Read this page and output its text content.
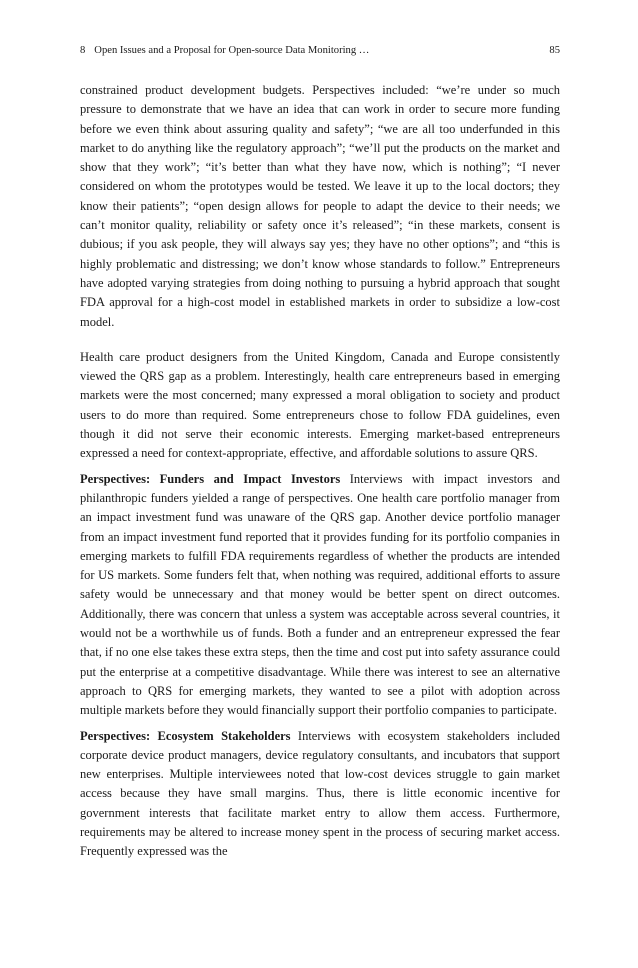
8 Open Issues and a Proposal for Open-source Data Monitoring …	85

constrained product development budgets. Perspectives included: “we’re under so much pressure to demonstrate that we have an idea that can work in order to secure more funding before we even think about assuring quality and safety”; “we are all too underfunded in this market to do anything like the regulatory approach”; “we’ll put the products on the market and show that they work”; “it’s better than what they have now, which is nothing”; “I never considered on whom the prototypes would be tested. We leave it up to the local doctors; they know their patients”; “open design allows for people to adapt the device to their needs; we can’t monitor quality, reliability or safety once it’s released”; “in these markets, consent is dubious; if you ask people, they will always say yes; they have no other options”; and “this is highly problematic and distressing; we don’t know whose standards to follow.” Entrepreneurs have adopted varying strategies from doing nothing to pursuing a hybrid approach that sought FDA approval for a high-cost model in established markets in order to subsidize a low-cost model.

Health care product designers from the United Kingdom, Canada and Europe consistently viewed the QRS gap as a problem. Interestingly, health care entrepreneurs based in emerging markets were the most concerned; many expressed a moral obligation to society and product users to do more than required. Some entrepreneurs chose to follow FDA guidelines, even though it did not serve their economic interests. Emerging market-based entrepreneurs expressed a need for context-appropriate, effective, and affordable solutions to assure QRS.

Perspectives: Funders and Impact Investors Interviews with impact investors and philanthropic funders yielded a range of perspectives. One health care portfolio manager from an impact investment fund was unaware of the QRS gap. Another device portfolio manager from an impact investment fund reported that it provides funding for its portfolio companies in emerging markets to fulfill FDA requirements regardless of whether the products are intended for US markets. Some funders felt that, when nothing was required, additional efforts to assure safety would be unnecessary and that money would be better spent on direct outcomes. Additionally, there was concern that unless a system was acceptable across several countries, it would not be a worthwhile us of funds. Both a funder and an entrepreneur expressed the fear that, if no one else takes these extra steps, then the time and cost put into safety assurance could put the enterprise at a competitive disadvantage. While there was interest to see an alternative approach to QRS for emerging markets, they wanted to see a pilot with adoption across multiple markets before they would financially support their portfolio companies to participate.

Perspectives: Ecosystem Stakeholders Interviews with ecosystem stakeholders included corporate device product managers, device regulatory consultants, and incubators that support new enterprises. Multiple interviewees noted that low-cost devices struggle to gain market access because they have small margins. Thus, there is little economic incentive for government interests that facilitate market entry to allow them access. Furthermore, requirements may be altered to increase money spent in the process of securing market access. Frequently expressed was the
